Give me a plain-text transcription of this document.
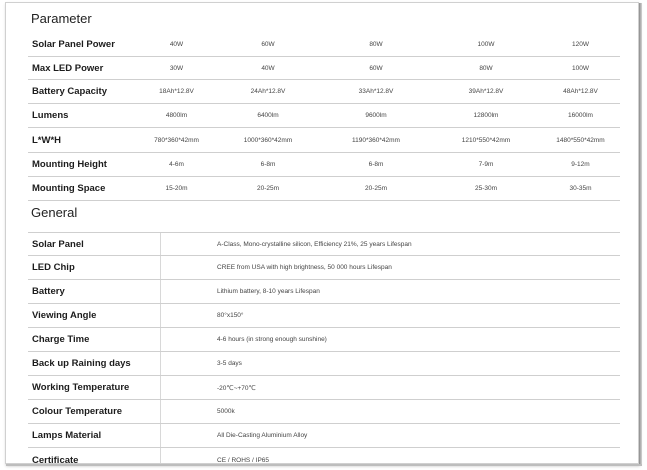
Parameter
Solar Panel Power	40W	60W	80W	100W	120W
Max LED Power	30W	40W	60W	80W	100W
Battery Capacity	18Ah*12.8V	24Ah*12.8V	33Ah*12.8V	39Ah*12.8V	48Ah*12.8V
Lumens	4800lm	6400lm	9600lm	12800lm	16000lm
L*W*H	780*360*42mm	1000*360*42mm	1190*360*42mm	1210*550*42mm	1480*550*42mm
Mounting Height	4-6m	6-8m	6-8m	7-9m	9-12m
Mounting Space	15-20m	20-25m	20-25m	25-30m	30-35m
General
Solar Panel	A-Class, Mono-crystalline silicon, Efficiency 21%, 25 years Lifespan
LED Chip	CREE from USA with high brightness, 50 000 hours Lifespan
Battery	Lithium battery, 8-10 years Lifespan
Viewing Angle	80°x150°
Charge Time	4-6 hours (in strong enough sunshine)
Back up Raining days	3-5 days
Working Temperature	-20℃~+70℃
Colour Temperature	5000k
Lamps Material	All Die-Casting Aluminium Alloy
Certificate	CE / ROHS / IP65
